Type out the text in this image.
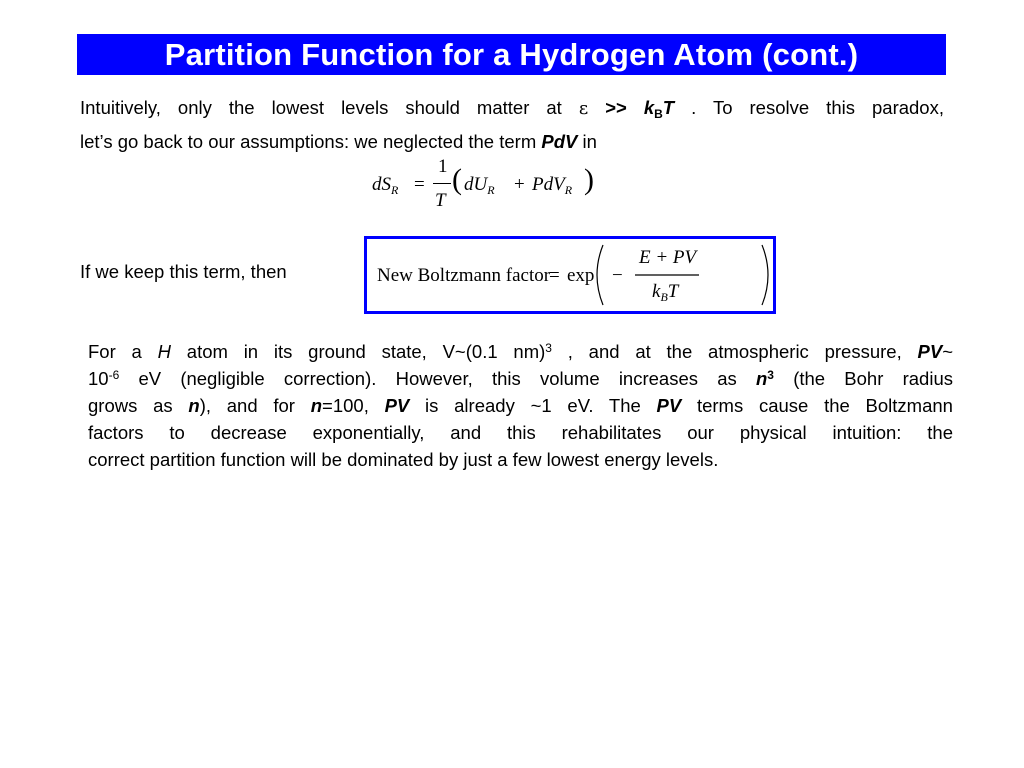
Partition Function for a Hydrogen Atom (cont.)
Intuitively, only the lowest levels should matter at $\varepsilon >> k_BT$ . To resolve this paradox,
let’s go back to our assumptions: we neglected the term PdV in
$dS_R$ =
1
T
( $dU_R + PdV_R$ )
If we keep this term, then	New Boltzmann factor
= exp −
E + PV
$k_BT$
For a H atom in its ground state, V~(0.1 nm)$^3$ , and at the atmospheric pressure, PV~
$10^{-6}$ eV (negligible correction). However, this volume increases as $n^3$ (the Bohr radius
grows as n), and for n=100, PV is already ~1 eV. The PV terms cause the Boltzmann
factors to decrease exponentially, and this rehabilitates our physical intuition: the
correct partition function will be dominated by just a few lowest energy levels.
